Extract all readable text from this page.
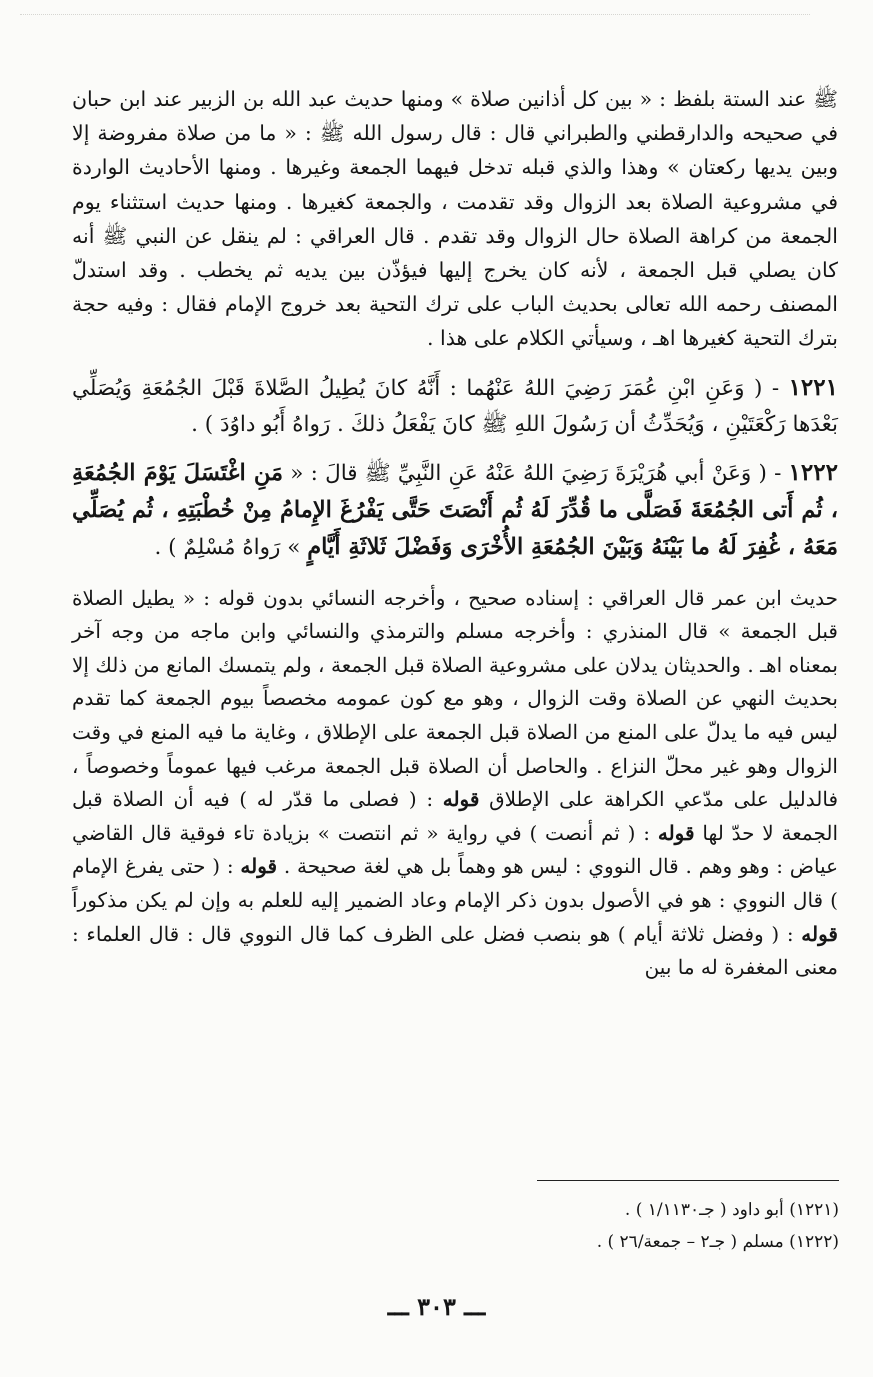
ﷺ عند الستة بلفظ : « بين كل أذانين صلاة » ومنها حديث عبد الله بن الزبير عند ابن حبان في صحيحه والدارقطني والطبراني قال : قال رسول الله ﷺ : « ما من صلاة مفروضة إلا وبين يديها ركعتان » وهذا والذي قبله تدخل فيهما الجمعة وغيرها . ومنها الأحاديث الواردة في مشروعية الصلاة بعد الزوال وقد تقدمت ، والجمعة كغيرها . ومنها حديث استثناء يوم الجمعة من كراهة الصلاة حال الزوال وقد تقدم . قال العراقي : لم ينقل عن النبي ﷺ أنه كان يصلي قبل الجمعة ، لأنه كان يخرج إليها فيؤذّن بين يديه ثم يخطب . وقد استدلّ المصنف رحمه الله تعالى بحديث الباب على ترك التحية بعد خروج الإمام فقال : وفيه حجة بترك التحية كغيرها اهـ ، وسيأتي الكلام على هذا .

١٢٢١ - ( وَعَنِ ابْنِ عُمَرَ رَضِيَ اللهُ عَنْهُما : أَنَّهُ كانَ يُطِيلُ الصَّلاةَ قَبْلَ الجُمُعَةِ وَيُصَلِّي بَعْدَها رَكْعَتَيْنِ ، وَيُحَدِّثُ أن رَسُولَ اللهِ ﷺ كانَ يَفْعَلُ ذلكَ . رَواهُ أَبُو داوُدَ ) .

١٢٢٢ - ( وَعَنْ أبي هُرَيْرَةَ رَضِيَ اللهُ عَنْهُ عَنِ النَّبِيِّ ﷺ قالَ : « مَنِ اغْتَسَلَ يَوْمَ الجُمُعَةِ ، ثُم أَتى الجُمُعَةَ فَصَلَّى ما قُدِّرَ لَهُ ثُم أَنْصَتَ حَتَّى يَفْرُغَ الإِمامُ مِنْ خُطْبَتِهِ ، ثُم يُصَلِّي مَعَهُ ، غُفِرَ لَهُ ما بَيْنَهُ وَبَيْنَ الجُمُعَةِ الأُخْرَى وَفَضْلَ ثَلاثَةِ أَيَّامٍ » رَواهُ مُسْلِمٌ ) .

حديث ابن عمر قال العراقي : إسناده صحيح ، وأخرجه النسائي بدون قوله : « يطيل الصلاة قبل الجمعة » قال المنذري : وأخرجه مسلم والترمذي والنسائي وابن ماجه من وجه آخر بمعناه اهـ . والحديثان يدلان على مشروعية الصلاة قبل الجمعة ، ولم يتمسك المانع من ذلك إلا بحديث النهي عن الصلاة وقت الزوال ، وهو مع كون عمومه مخصصاً بيوم الجمعة كما تقدم ليس فيه ما يدلّ على المنع من الصلاة قبل الجمعة على الإطلاق ، وغاية ما فيه المنع في وقت الزوال وهو غير محلّ النزاع . والحاصل أن الصلاة قبل الجمعة مرغب فيها عموماً وخصوصاً ، فالدليل على مدّعي الكراهة على الإطلاق قوله : ( فصلى ما قدّر له ) فيه أن الصلاة قبل الجمعة لا حدّ لها قوله : ( ثم أنصت ) في رواية « ثم انتصت » بزيادة تاء فوقية قال القاضي عياض : وهو وهم . قال النووي : ليس هو وهماً بل هي لغة صحيحة . قوله : ( حتى يفرغ الإمام ) قال النووي : هو في الأصول بدون ذكر الإمام وعاد الضمير إليه للعلم به وإن لم يكن مذكوراً قوله : ( وفضل ثلاثة أيام ) هو بنصب فضل على الظرف كما قال النووي قال : قال العلماء : معنى المغفرة له ما بين

(١٢٢١) أبو داود ( جـ١/١١٣٠ ) .
(١٢٢٢) مسلم ( جـ٢ – جمعة/٢٦ ) .
ـــ ٣٠٣ ـــ
